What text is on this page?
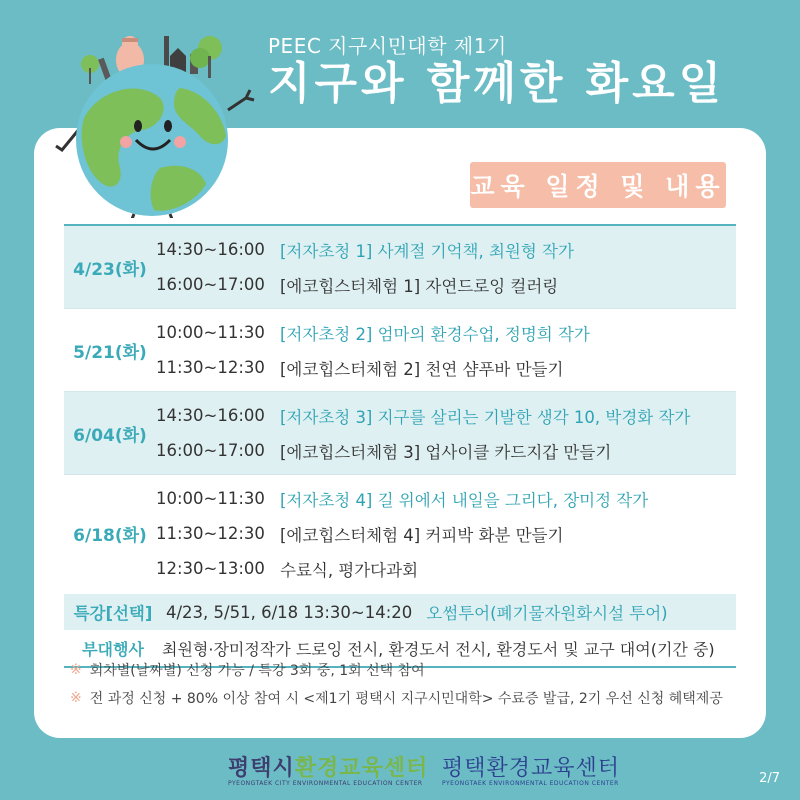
PEEC 지구시민대학 제1기
지구와 함께한 화요일
교육 일정 및 내용
4/23(화)
14:30~16:00 [저자초청 1] 사계절 기억책, 최원형 작가
16:00~17:00 [에코힙스터체험 1] 자연드로잉 컬러링
5/21(화)
10:00~11:30 [저자초청 2] 엄마의 환경수업, 정명희 작가
11:30~12:30 [에코힙스터체험 2] 천연 샴푸바 만들기
6/04(화)
14:30~16:00 [저자초청 3] 지구를 살리는 기발한 생각 10, 박경화 작가
16:00~17:00 [에코힙스터체험 3] 업사이클 카드지갑 만들기
6/18(화)
10:00~11:30 [저자초청 4] 길 위에서 내일을 그리다, 장미정 작가
11:30~12:30 [에코힙스터체험 4] 커피박 화분 만들기
12:30~13:00 수료식, 평가다과회
특강[선택] 4/23, 5/51, 6/18 13:30~14:20 오썸투어(폐기물자원화시설 투어)
부대행사	최원형·장미정작가 드로잉 전시, 환경도서 전시, 환경도서 및 교구 대여(기간 중)
※ 회차별(날짜별) 신청 가능 / 특강 3회 중, 1회 선택 참여
※ 전 과정 신청 + 80% 이상 참여 시 <제1기 평택시 지구시민대학> 수료증 발급, 2기 우선 신청 혜택제공
평택시환경교육센터
PYEONGTAEK CITY ENVIRONMENTAL EDUCATION CENTER
평택환경교육센터
PYEONGTAEK ENVIRONMENTAL EDUCATION CENTER	2/7
